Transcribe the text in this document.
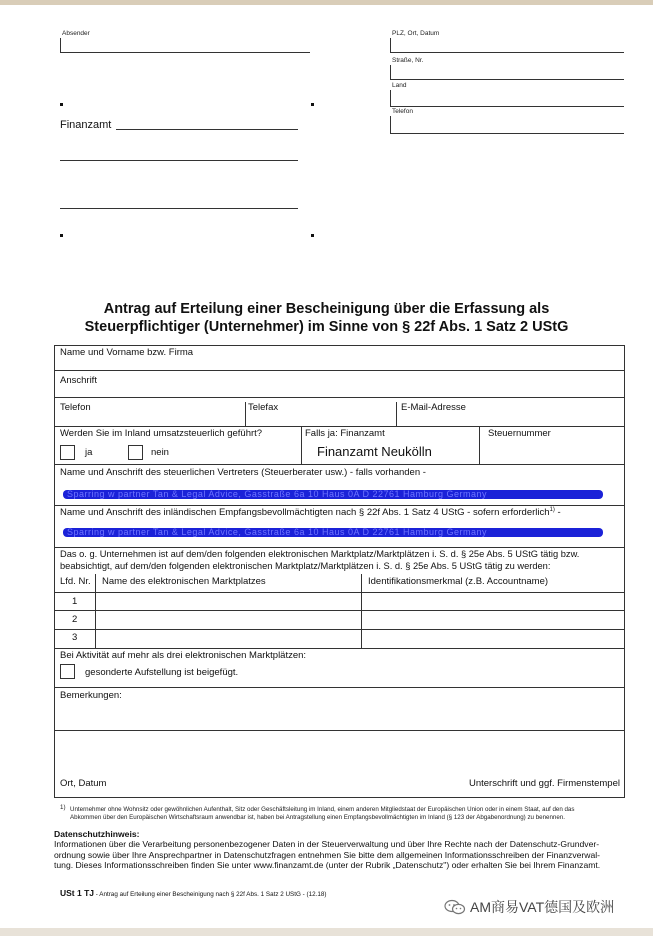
Absender	PLZ, Ort, Datum
Straße, Nr.
Land
Telefon
Finanzamt
Antrag auf Erteilung einer Bescheinigung über die Erfassung als
Steuerpflichtiger (Unternehmer) im Sinne von § 22f Abs. 1 Satz 2 UStG
Name und Vorname bzw. Firma
Anschrift
Telefon	Telefax	E-Mail-Adresse
Werden Sie im Inland umsatzsteuerlich geführt?
ja	nein
Falls ja: Finanzamt
Finanzamt Neukölln
Steuernummer
Name und Anschrift des steuerlichen Vertreters (Steuerberater usw.) - falls vorhanden -
Sparring w partner Tan & Legal Advice, Gasstraße 6a 10 Haus 0A D 22761 Hamburg Germany
Name und Anschrift des inländischen Empfangsbevollmächtigten nach § 22f Abs. 1 Satz 4 UStG - sofern erforderlich$^{1)}$ -
Sparring w partner Tan & Legal Advice, Gasstraße 6a 10 Haus 0A D 22761 Hamburg Germany
Das o. g. Unternehmen ist auf dem/den folgenden elektronischen Marktplatz/Marktplätzen i. S. d. § 25e Abs. 5 UStG tätig bzw.
beabsichtigt, auf dem/den folgenden elektronischen Marktplatz/Marktplätzen i. S. d. § 25e Abs. 5 UStG tätig zu werden:
Lfd. Nr. Name des elektronischen Marktplatzes	Identifikationsmerkmal (z.B. Accountname)
1
2
3
Bei Aktivität auf mehr als drei elektronischen Marktplätzen:
gesonderte Aufstellung ist beigefügt.
Bemerkungen:
Ort, Datum	Unterschrift und ggf. Firmenstempel
1) Unternehmer ohne Wohnsitz oder gewöhnlichen Aufenthalt, Sitz oder Geschäftsleitung im Inland, einem anderen Mitgliedstaat der Europäischen Union oder in einem Staat, auf den das
Abkommen über den Europäischen Wirtschaftsraum anwendbar ist, haben bei Antragstellung einen Empfangsbevollmächtigten im Inland (§ 123 der Abgabenordnung) zu benennen.
Datenschutzhinweis:
Informationen über die Verarbeitung personenbezogener Daten in der Steuerverwaltung und über Ihre Rechte nach der Datenschutz-Grundver-
ordnung sowie über Ihre Ansprechpartner in Datenschutzfragen entnehmen Sie bitte dem allgemeinen Informationsschreiben der Finanzverwal-
tung. Dieses Informationsschreiben finden Sie unter www.finanzamt.de (unter der Rubrik „Datenschutz") oder erhalten Sie bei Ihrem Finanzamt.
USt 1 TJ - Antrag auf Erteilung einer Bescheinigung nach § 22f Abs. 1 Satz 2 UStG - (12.18)
AM商易VAT德国及欧洲
